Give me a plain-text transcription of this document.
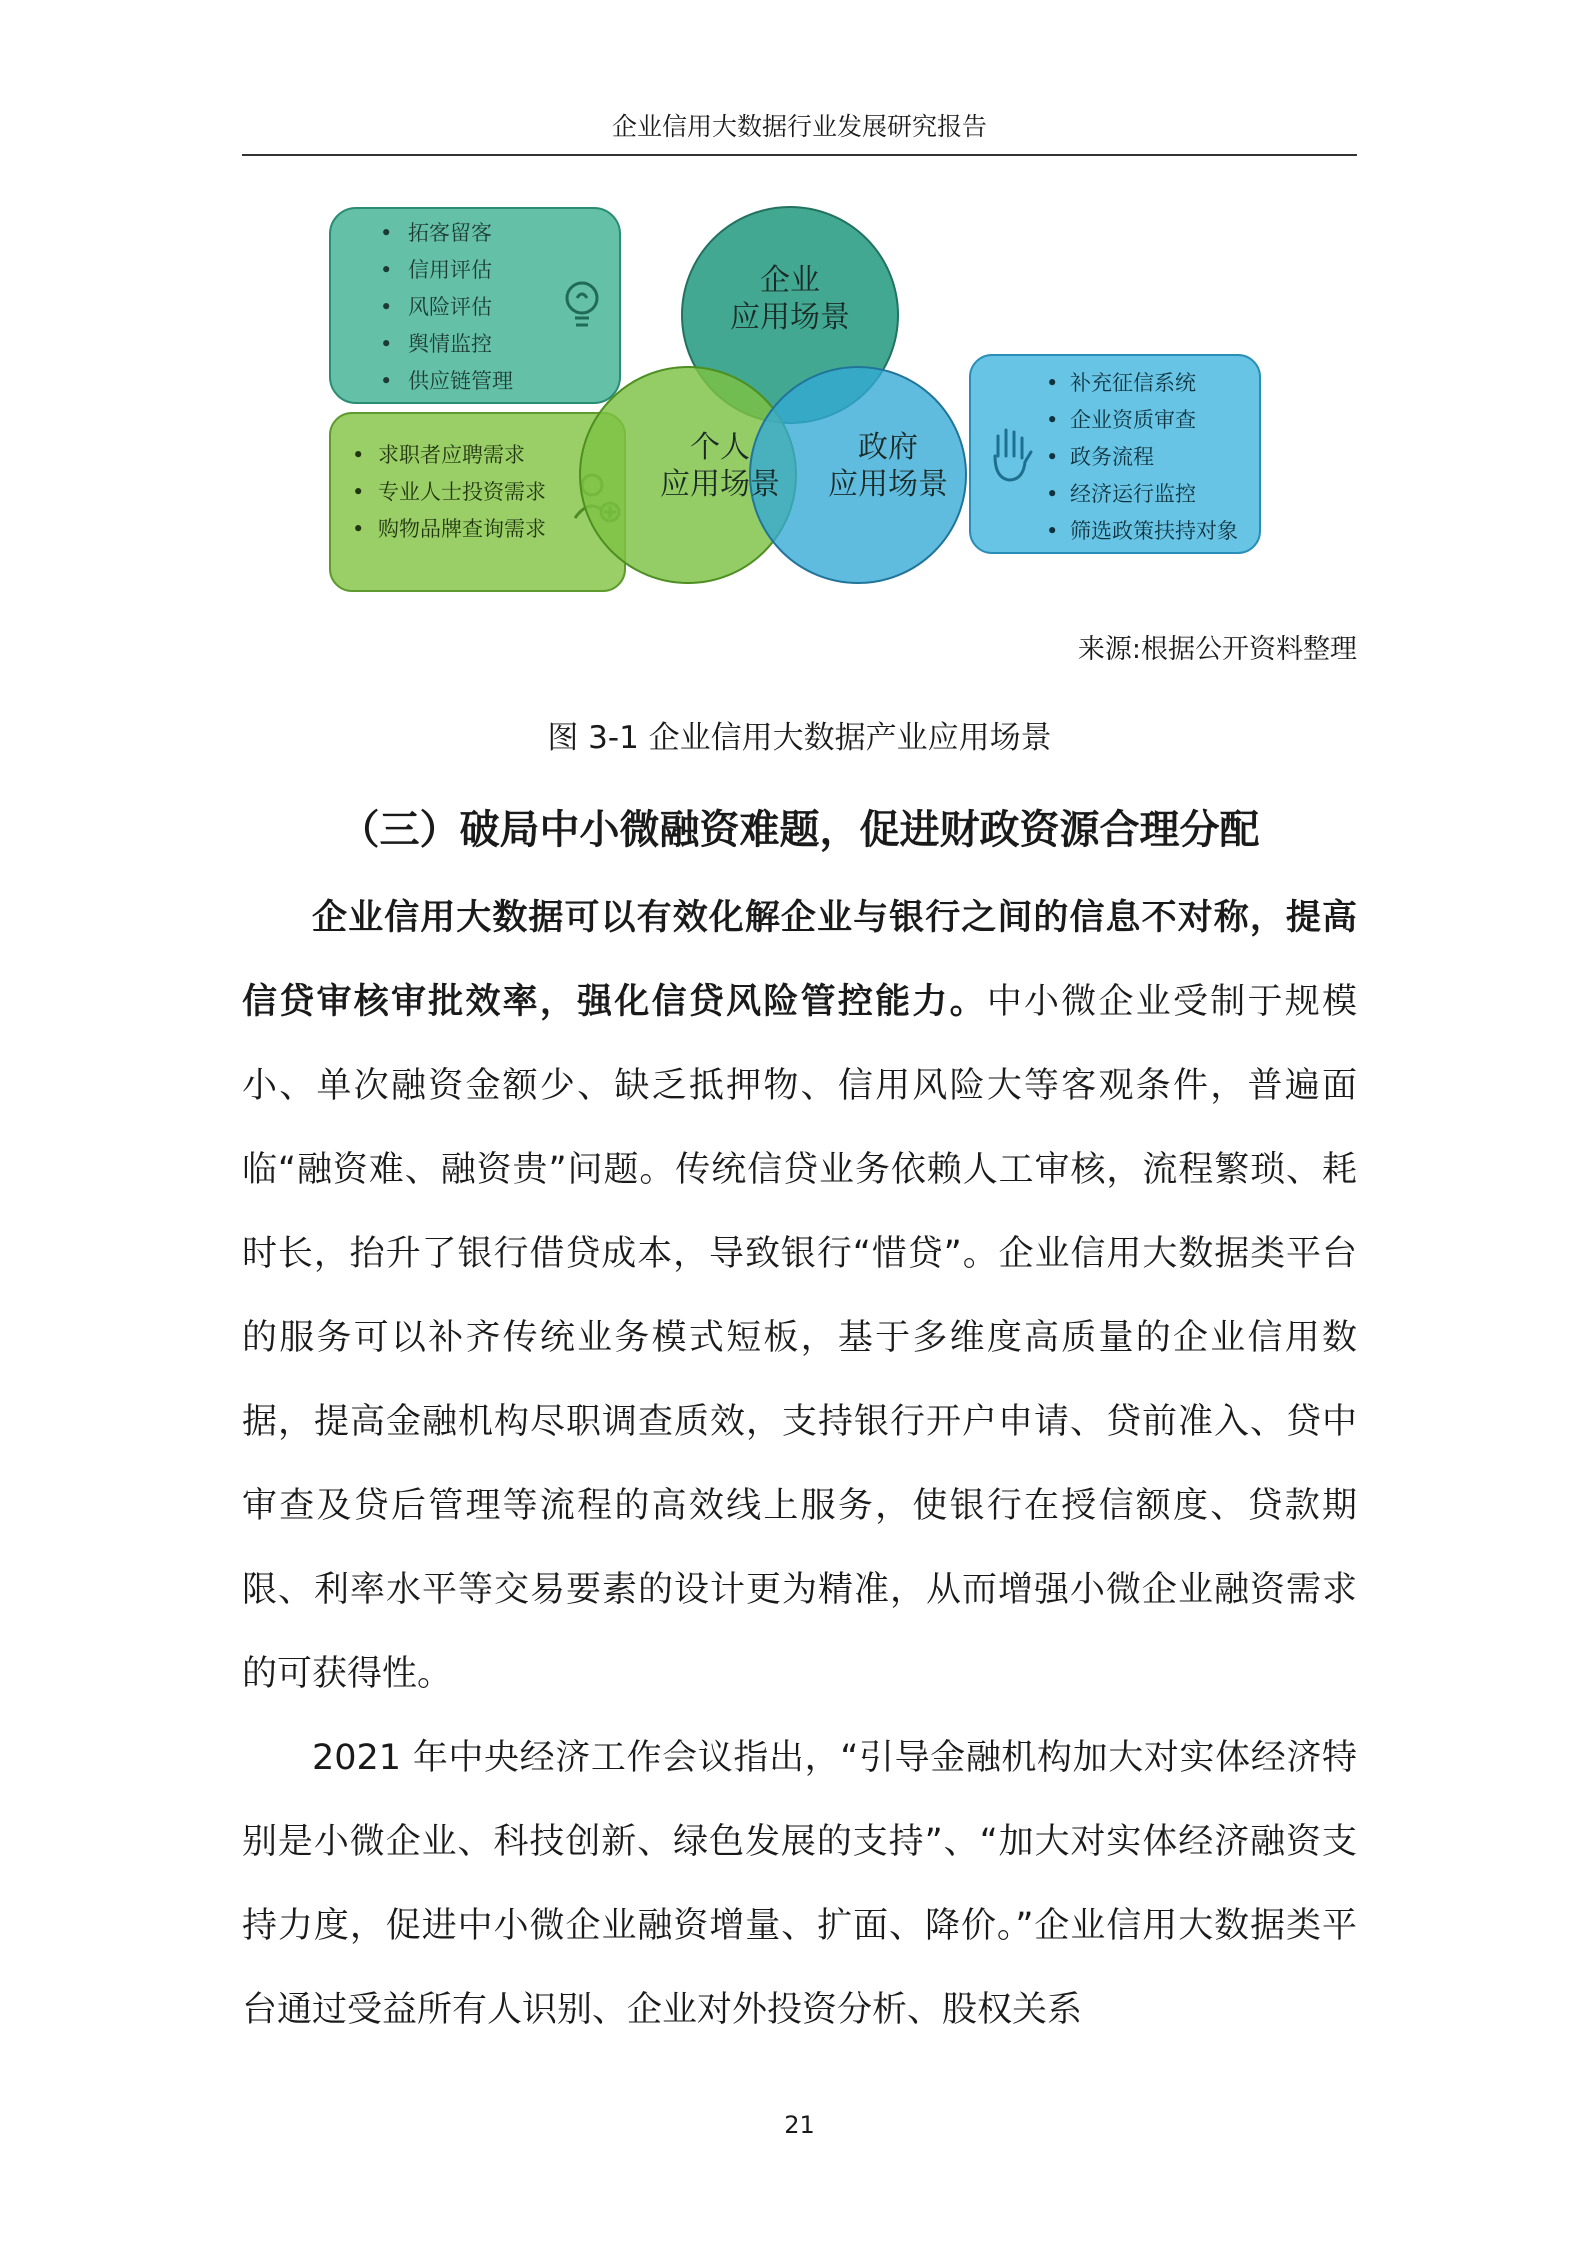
企业信用大数据行业发展研究报告
• 拓客留客
• 信用评估
• 风险评估
• 舆情监控
• 供应链管理
• 求职者应聘需求
• 专业人士投资需求
• 购物品牌查询需求
• 补充征信系统
• 企业资质审查
• 政务流程
• 经济运行监控
• 筛选政策扶持对象
企业
应用场景
个人
应用场景
政府
应用场景
来源:根据公开资料整理
图 3-1 企业信用大数据产业应用场景
（三）破局中小微融资难题，促进财政资源合理分配

企业信用大数据可以有效化解企业与银行之间的信息不对称，提高信贷审核审批效率，强化信贷风险管控能力。中小微企业受制于规模小、单次融资金额少、缺乏抵押物、信用风险大等客观条件，普遍面临“融资难、融资贵”问题。传统信贷业务依赖人工审核，流程繁琐、耗时长，抬升了银行借贷成本，导致银行“惜贷”。企业信用大数据类平台的服务可以补齐传统业务模式短板，基于多维度高质量的企业信用数据，提高金融机构尽职调查质效，支持银行开户申请、贷前准入、贷中审查及贷后管理等流程的高效线上服务，使银行在授信额度、贷款期限、利率水平等交易要素的设计更为精准，从而增强小微企业融资需求的可获得性。

2021 年中央经济工作会议指出，“引导金融机构加大对实体经济特别是小微企业、科技创新、绿色发展的支持”、“加大对实体经济融资支持力度，促进中小微企业融资增量、扩面、降价。”企业信用大数据类平台通过受益所有人识别、企业对外投资分析、股权关系

21
